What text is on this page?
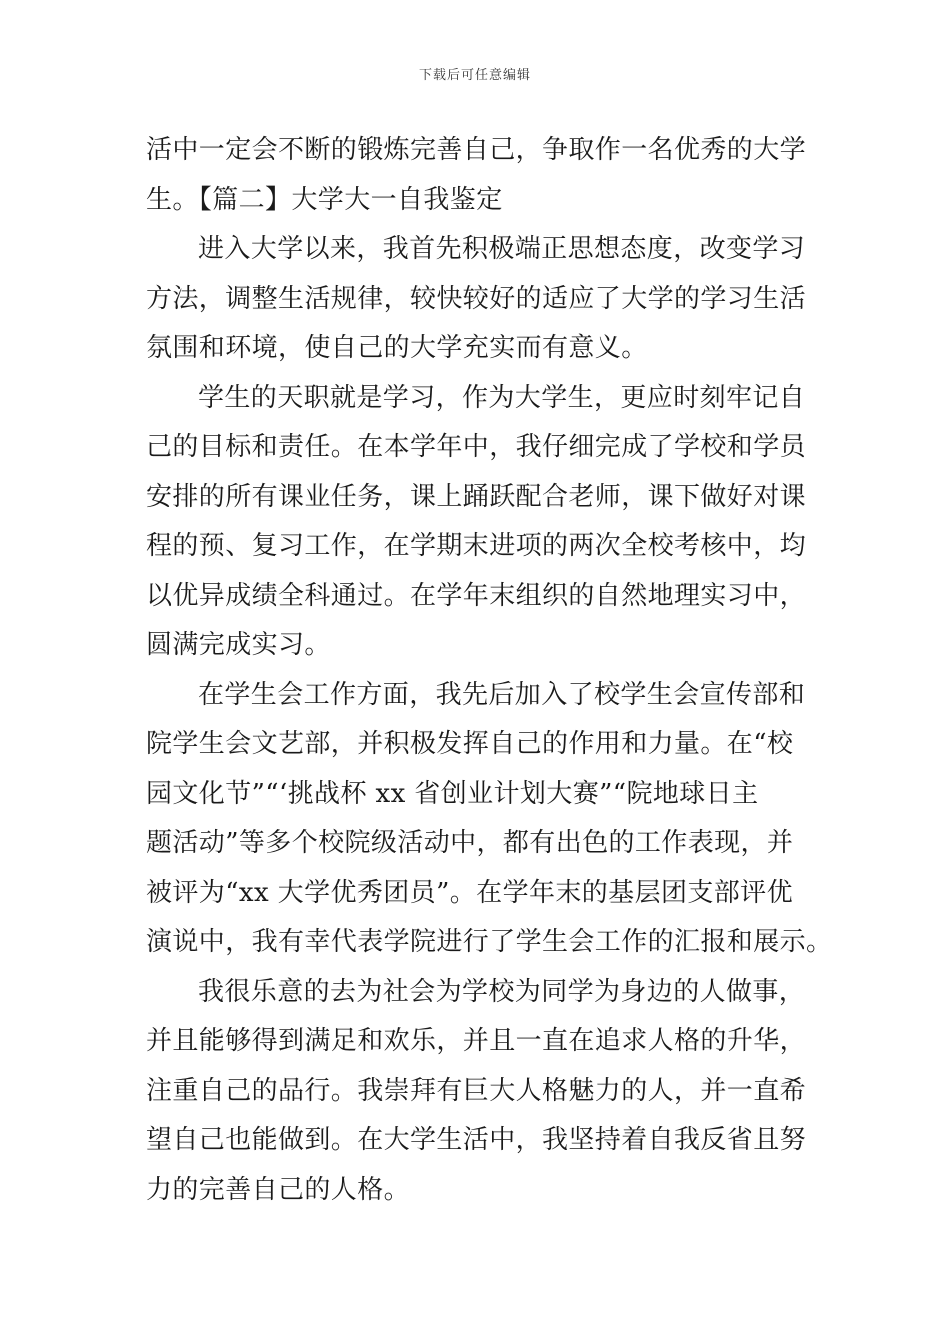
下载后可任意编辑
活中一定会不断的锻炼完善自己，争取作一名优秀的大学
生。【篇二】大学大一自我鉴定
进入大学以来，我首先积极端正思想态度，改变学习
方法，调整生活规律，较快较好的适应了大学的学习生活
氛围和环境，使自己的大学充实而有意义。
学生的天职就是学习，作为大学生，更应时刻牢记自
己的目标和责任。在本学年中，我仔细完成了学校和学员
安排的所有课业任务，课上踊跃配合老师，课下做好对课
程的预、复习工作，在学期末进项的两次全校考核中，均
以优异成绩全科通过。在学年末组织的自然地理实习中，
圆满完成实习。
在学生会工作方面，我先后加入了校学生会宣传部和
院学生会文艺部，并积极发挥自己的作用和力量。在“校
园文化节”“‘挑战杯 xx 省创业计划大赛”“院地球日主
题活动”等多个校院级活动中，都有出色的工作表现，并
被评为“xx 大学优秀团员”。在学年末的基层团支部评优
演说中，我有幸代表学院进行了学生会工作的汇报和展示。
我很乐意的去为社会为学校为同学为身边的人做事，
并且能够得到满足和欢乐，并且一直在追求人格的升华，
注重自己的品行。我崇拜有巨大人格魅力的人，并一直希
望自己也能做到。在大学生活中，我坚持着自我反省且努
力的完善自己的人格。
